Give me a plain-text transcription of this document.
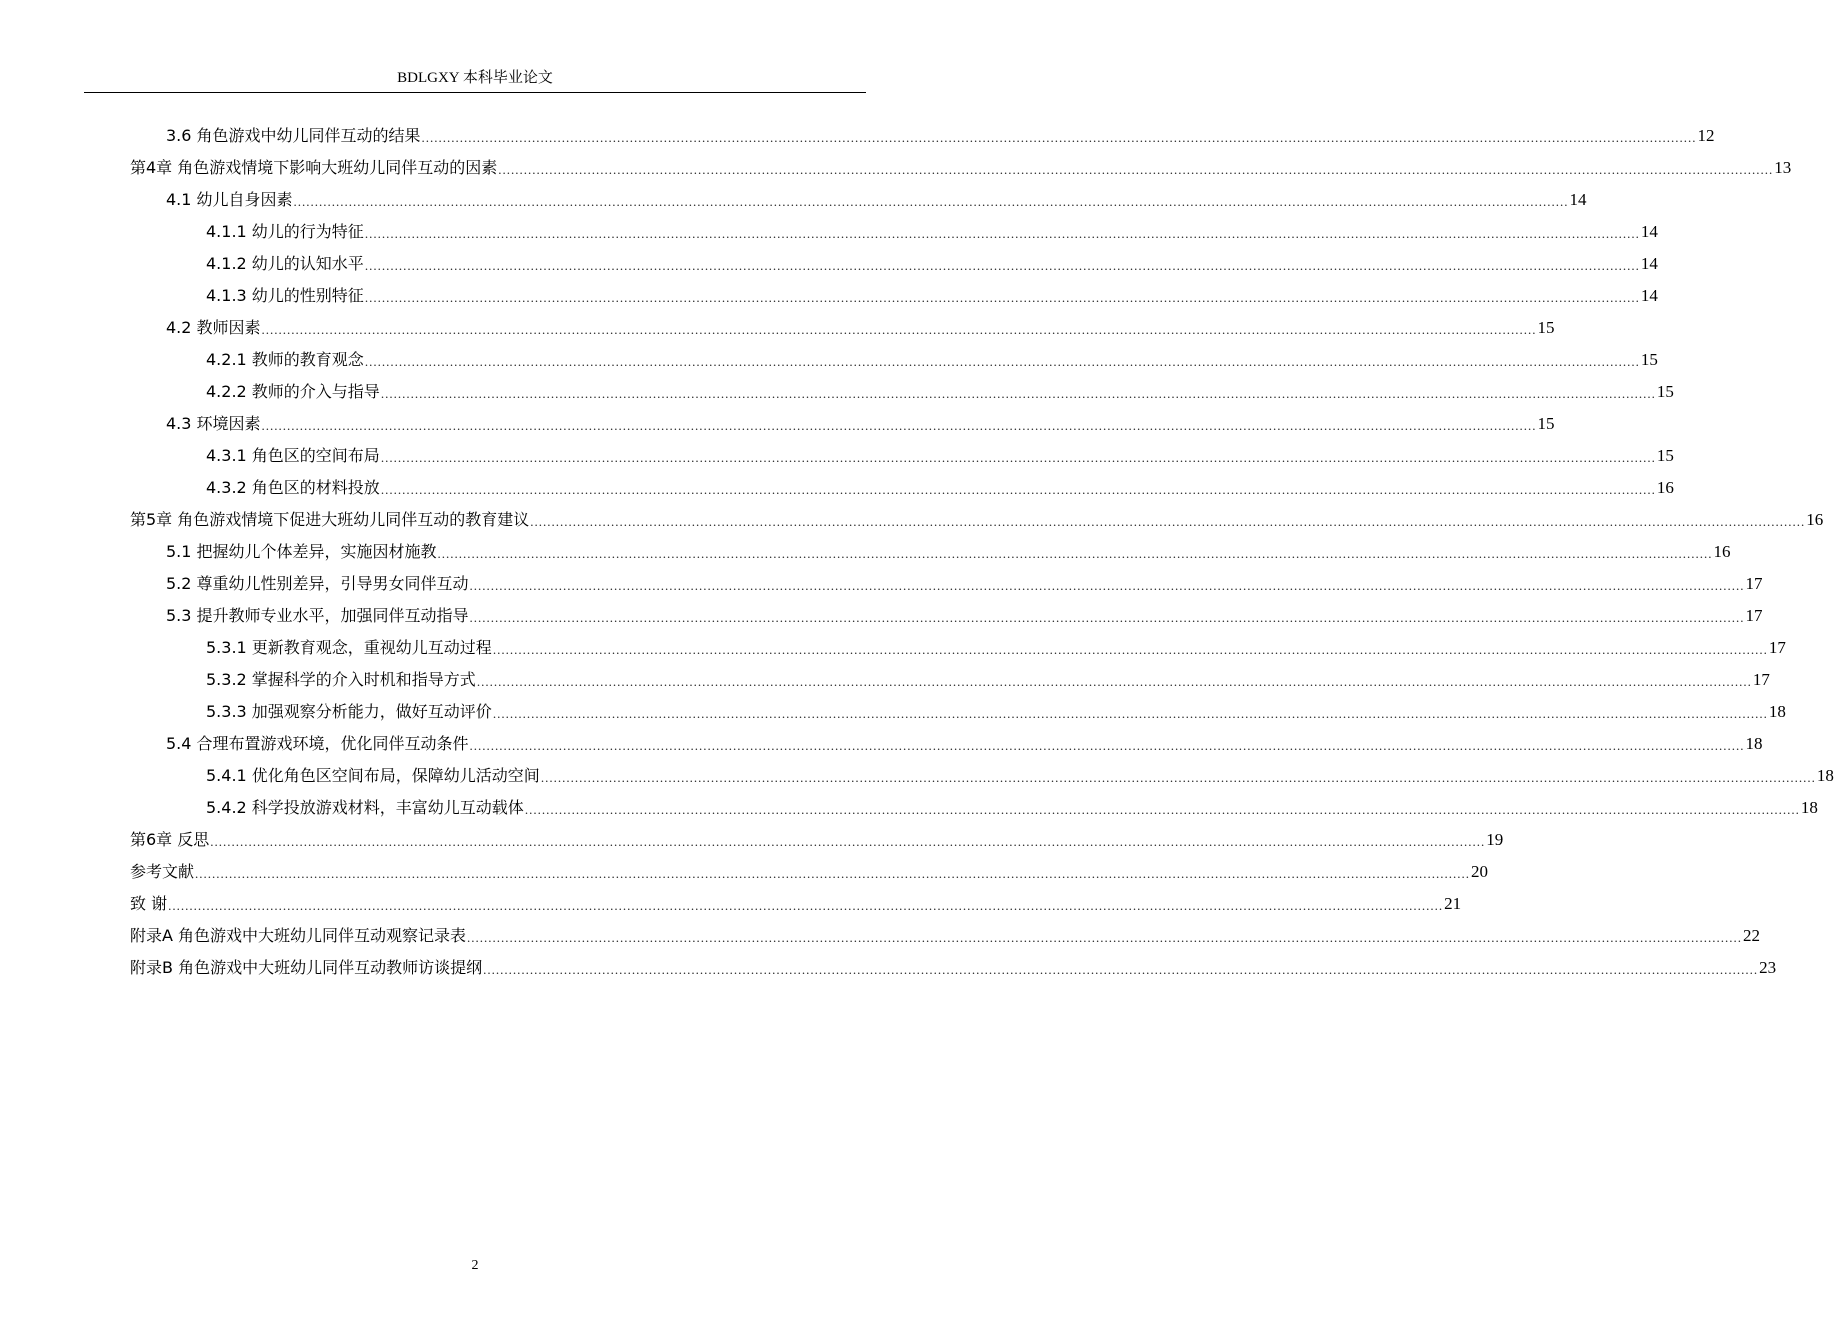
BDLGXY 本科毕业论文
3.6 角色游戏中幼儿同伴互动的结果 ............................................................................................................................................................................................................................................................................................................ 12
第4章 角色游戏情境下影响大班幼儿同伴互动的因素 ............................................................................................................................................................................................................................................................................................................ 13
4.1 幼儿自身因素 ............................................................................................................................................................................................................................................................................................................ 14
4.1.1 幼儿的行为特征 ............................................................................................................................................................................................................................................................................................................ 14
4.1.2 幼儿的认知水平 ............................................................................................................................................................................................................................................................................................................ 14
4.1.3 幼儿的性别特征 ............................................................................................................................................................................................................................................................................................................ 14
4.2 教师因素 ............................................................................................................................................................................................................................................................................................................ 15
4.2.1 教师的教育观念 ............................................................................................................................................................................................................................................................................................................ 15
4.2.2 教师的介入与指导 ............................................................................................................................................................................................................................................................................................................ 15
4.3 环境因素 ............................................................................................................................................................................................................................................................................................................ 15
4.3.1 角色区的空间布局 ............................................................................................................................................................................................................................................................................................................ 15
4.3.2 角色区的材料投放 ............................................................................................................................................................................................................................................................................................................ 16
第5章 角色游戏情境下促进大班幼儿同伴互动的教育建议 ............................................................................................................................................................................................................................................................................................................ 16
5.1 把握幼儿个体差异，实施因材施教 ............................................................................................................................................................................................................................................................................................................ 16
5.2 尊重幼儿性别差异，引导男女同伴互动 ............................................................................................................................................................................................................................................................................................................ 17
5.3 提升教师专业水平，加强同伴互动指导 ............................................................................................................................................................................................................................................................................................................ 17
5.3.1 更新教育观念，重视幼儿互动过程 ............................................................................................................................................................................................................................................................................................................ 17
5.3.2 掌握科学的介入时机和指导方式 ............................................................................................................................................................................................................................................................................................................ 17
5.3.3 加强观察分析能力，做好互动评价 ............................................................................................................................................................................................................................................................................................................ 18
5.4 合理布置游戏环境，优化同伴互动条件 ............................................................................................................................................................................................................................................................................................................ 18
5.4.1 优化角色区空间布局，保障幼儿活动空间 ............................................................................................................................................................................................................................................................................................................ 18
5.4.2 科学投放游戏材料，丰富幼儿互动载体 ............................................................................................................................................................................................................................................................................................................ 18
第6章 反思 ............................................................................................................................................................................................................................................................................................................ 19
参考文献 ............................................................................................................................................................................................................................................................................................................ 20
致 谢 ............................................................................................................................................................................................................................................................................................................ 21
附录A 角色游戏中大班幼儿同伴互动观察记录表 ............................................................................................................................................................................................................................................................................................................ 22
附录B 角色游戏中大班幼儿同伴互动教师访谈提纲 ............................................................................................................................................................................................................................................................................................................ 23
2
